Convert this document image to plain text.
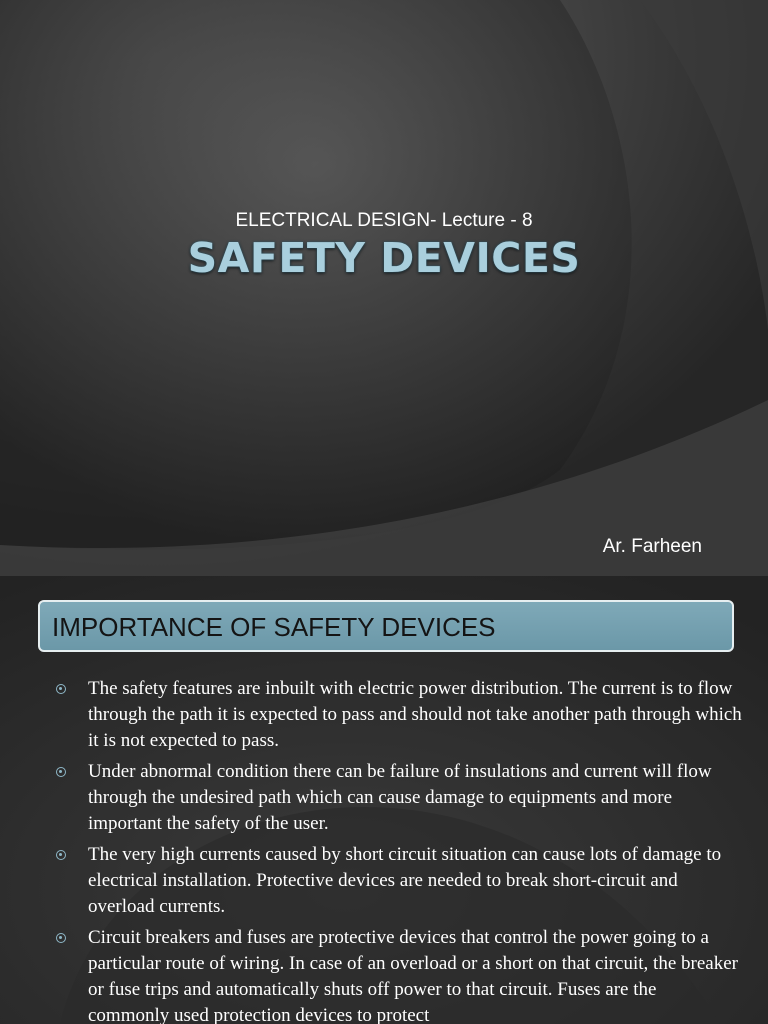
ELECTRICAL DESIGN- Lecture - 8
SAFETY DEVICES
Ar. Farheen
IMPORTANCE OF SAFETY DEVICES
The safety features are inbuilt with electric power distribution. The current is to flow through the path it is expected to pass and should not take another path through which it is not expected to pass.
Under abnormal condition there can be failure of insulations and current will flow through the undesired path which can cause damage to equipments and more important the safety of the user.
The very high currents caused by short circuit situation can cause lots of damage to electrical installation. Protective devices are needed to break short-circuit and overload currents.
Circuit breakers and fuses are protective devices that control the power going to a particular route of wiring. In case of an overload or a short on that circuit, the breaker or fuse trips and automatically shuts off power to that circuit. Fuses are the commonly used protection devices to protect
